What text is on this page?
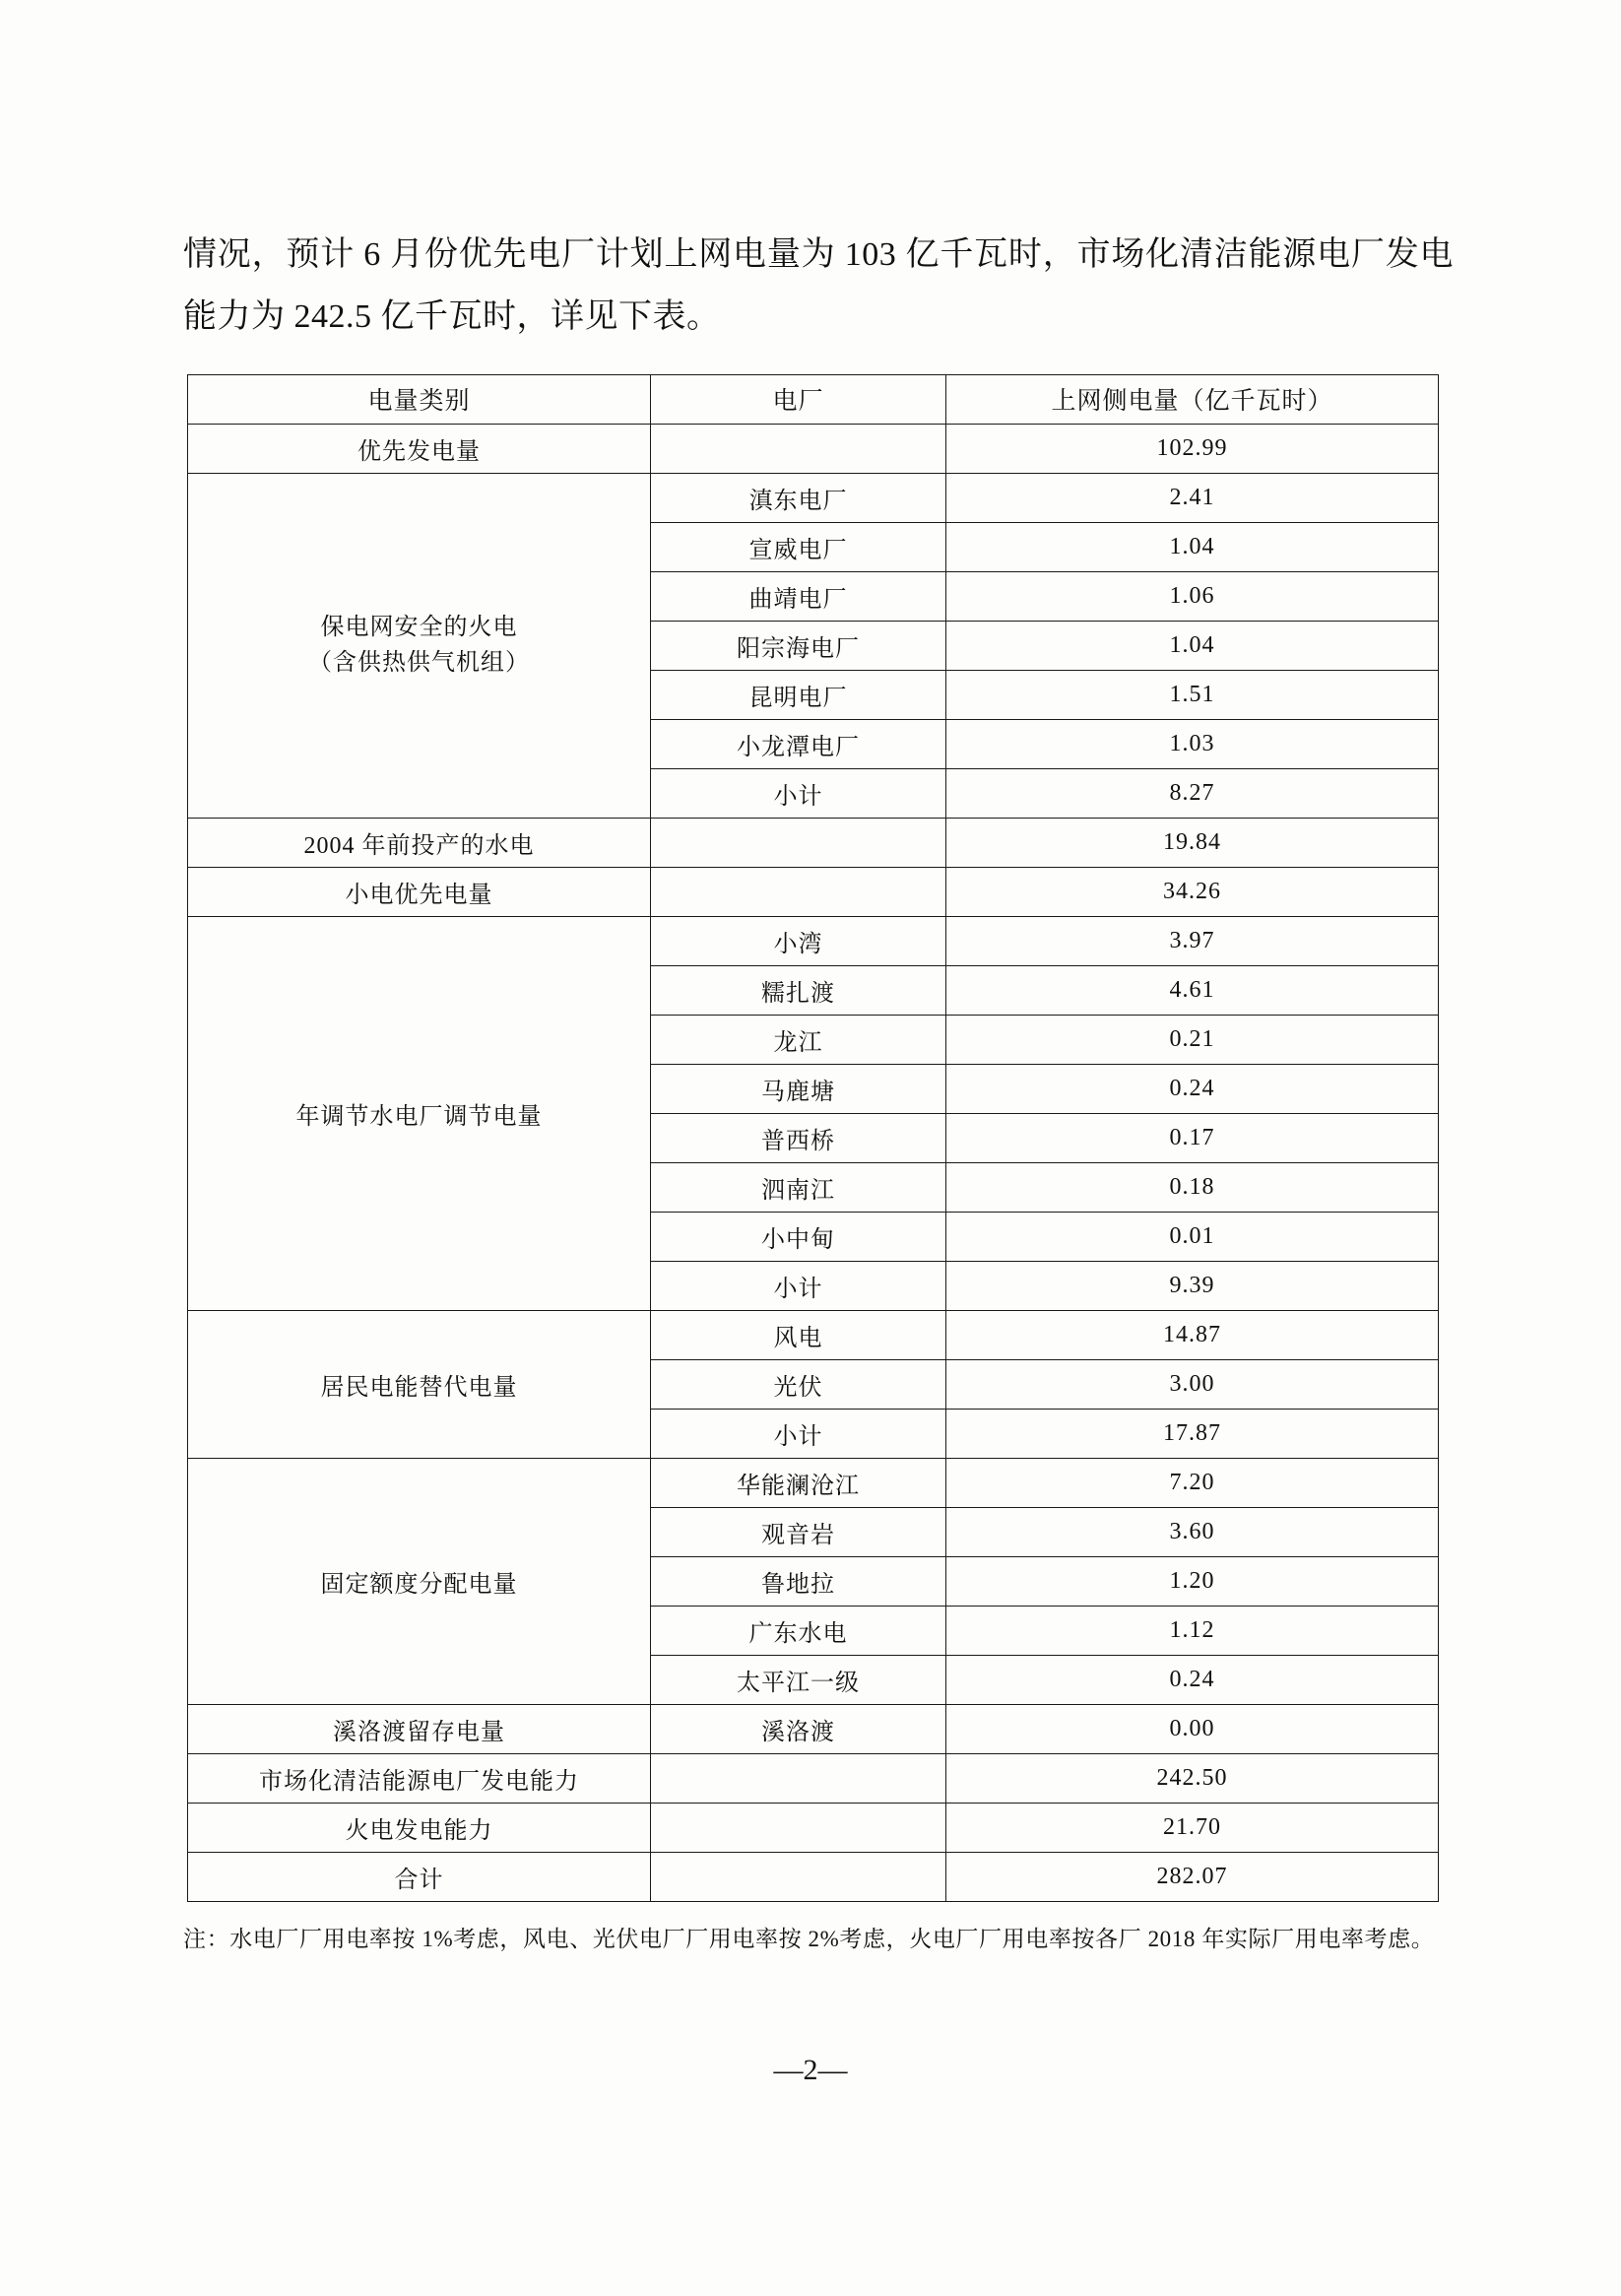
情况，预计 6 月份优先电厂计划上网电量为 103 亿千瓦时，市场化清洁能源电厂发电能力为 242.5 亿千瓦时，详见下表。

电量类别	电厂	上网侧电量（亿千瓦时）
优先发电量		102.99
保电网安全的火电
（含供热供气机组）	滇东电厂	2.41
	宣威电厂	1.04
	曲靖电厂	1.06
	阳宗海电厂	1.04
	昆明电厂	1.51
	小龙潭电厂	1.03
	小计	8.27
2004 年前投产的水电		19.84
小电优先电量		34.26
年调节水电厂调节电量	小湾	3.97
	糯扎渡	4.61
	龙江	0.21
	马鹿塘	0.24
	普西桥	0.17
	泗南江	0.18
	小中甸	0.01
	小计	9.39
居民电能替代电量	风电	14.87
	光伏	3.00
	小计	17.87
固定额度分配电量	华能澜沧江	7.20
	观音岩	3.60
	鲁地拉	1.20
	广东水电	1.12
	太平江一级	0.24
溪洛渡留存电量	溪洛渡	0.00
市场化清洁能源电厂发电能力		242.50
火电发电能力		21.70
合计		282.07
注：水电厂厂用电率按 1%考虑，风电、光伏电厂厂用电率按 2%考虑，火电厂厂用电率按各厂 2018 年实际厂用电率考虑。
—2—
